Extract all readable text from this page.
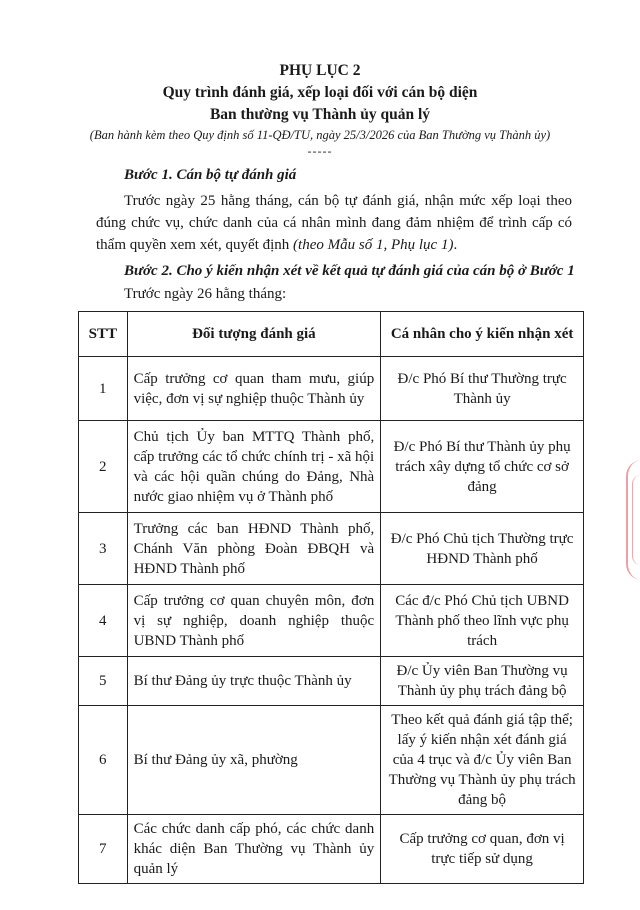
PHỤ LỤC 2
Quy trình đánh giá, xếp loại đối với cán bộ diện
Ban thường vụ Thành ủy quản lý
(Ban hành kèm theo Quy định số 11-QĐ/TU, ngày 25/3/2026 của Ban Thường vụ Thành ủy)
-----
Bước 1. Cán bộ tự đánh giá
Trước ngày 25 hằng tháng, cán bộ tự đánh giá, nhận mức xếp loại theo đúng chức vụ, chức danh của cá nhân mình đang đảm nhiệm để trình cấp có thẩm quyền xem xét, quyết định (theo Mẫu số 1, Phụ lục 1).
Bước 2. Cho ý kiến nhận xét về kết quả tự đánh giá của cán bộ ở Bước 1
Trước ngày 26 hằng tháng:
STT	Đối tượng đánh giá	Cá nhân cho ý kiến nhận xét
1	Cấp trưởng cơ quan tham mưu, giúp việc, đơn vị sự nghiệp thuộc Thành ủy	Đ/c Phó Bí thư Thường trực Thành ủy
2	Chủ tịch Ủy ban MTTQ Thành phố, cấp trưởng các tổ chức chính trị - xã hội và các hội quần chúng do Đảng, Nhà nước giao nhiệm vụ ở Thành phố	Đ/c Phó Bí thư Thành ủy phụ trách xây dựng tổ chức cơ sở đảng
3	Trưởng các ban HĐND Thành phố, Chánh Văn phòng Đoàn ĐBQH và HĐND Thành phố	Đ/c Phó Chủ tịch Thường trực HĐND Thành phố
4	Cấp trưởng cơ quan chuyên môn, đơn vị sự nghiệp, doanh nghiệp thuộc UBND Thành phố	Các đ/c Phó Chủ tịch UBND Thành phố theo lĩnh vực phụ trách
5	Bí thư Đảng ủy trực thuộc Thành ủy	Đ/c Ủy viên Ban Thường vụ Thành ủy phụ trách đảng bộ
6	Bí thư Đảng ủy xã, phường	Theo kết quả đánh giá tập thể; lấy ý kiến nhận xét đánh giá của 4 trục và đ/c Ủy viên Ban Thường vụ Thành ủy phụ trách đảng bộ
7	Các chức danh cấp phó, các chức danh khác diện Ban Thường vụ Thành ủy quản lý	Cấp trưởng cơ quan, đơn vị trực tiếp sử dụng
